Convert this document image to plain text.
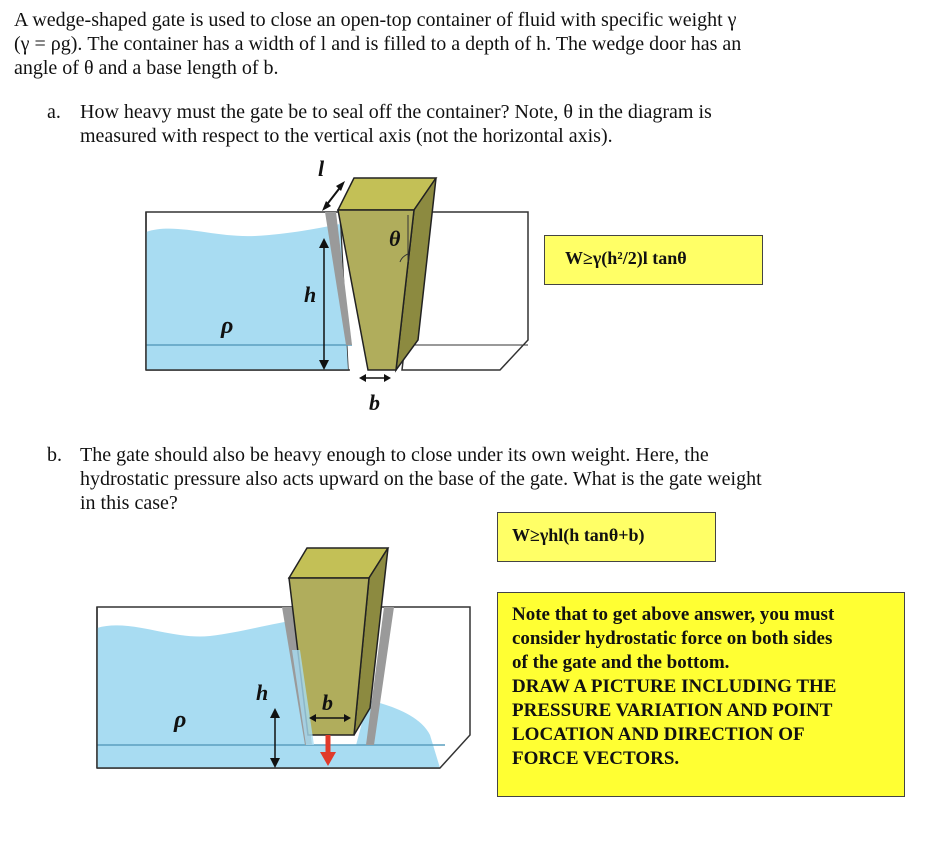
A wedge-shaped gate is used to close an open-top container of fluid with specific weight γ
(γ = ρg). The container has a width of l and is filled to a depth of h. The wedge door has an
angle of θ and a base length of b.
a. How heavy must the gate be to seal off the container? Note, θ in the diagram is
measured with respect to the vertical axis (not the horizontal axis).
l
θ
h
ρ
b
W≥γ(h²/2)l tanθ
b. The gate should also be heavy enough to close under its own weight. Here, the
hydrostatic pressure also acts upward on the base of the gate. What is the gate weight
in this case?
W≥γhl(h tanθ+b)
h
ρ
b

Note that to get above answer, you must

consider hydrostatic force on both sides

of the gate and the bottom.

DRAW A PICTURE INCLUDING THE

PRESSURE VARIATION AND POINT

LOCATION AND DIRECTION OF

FORCE VECTORS.
